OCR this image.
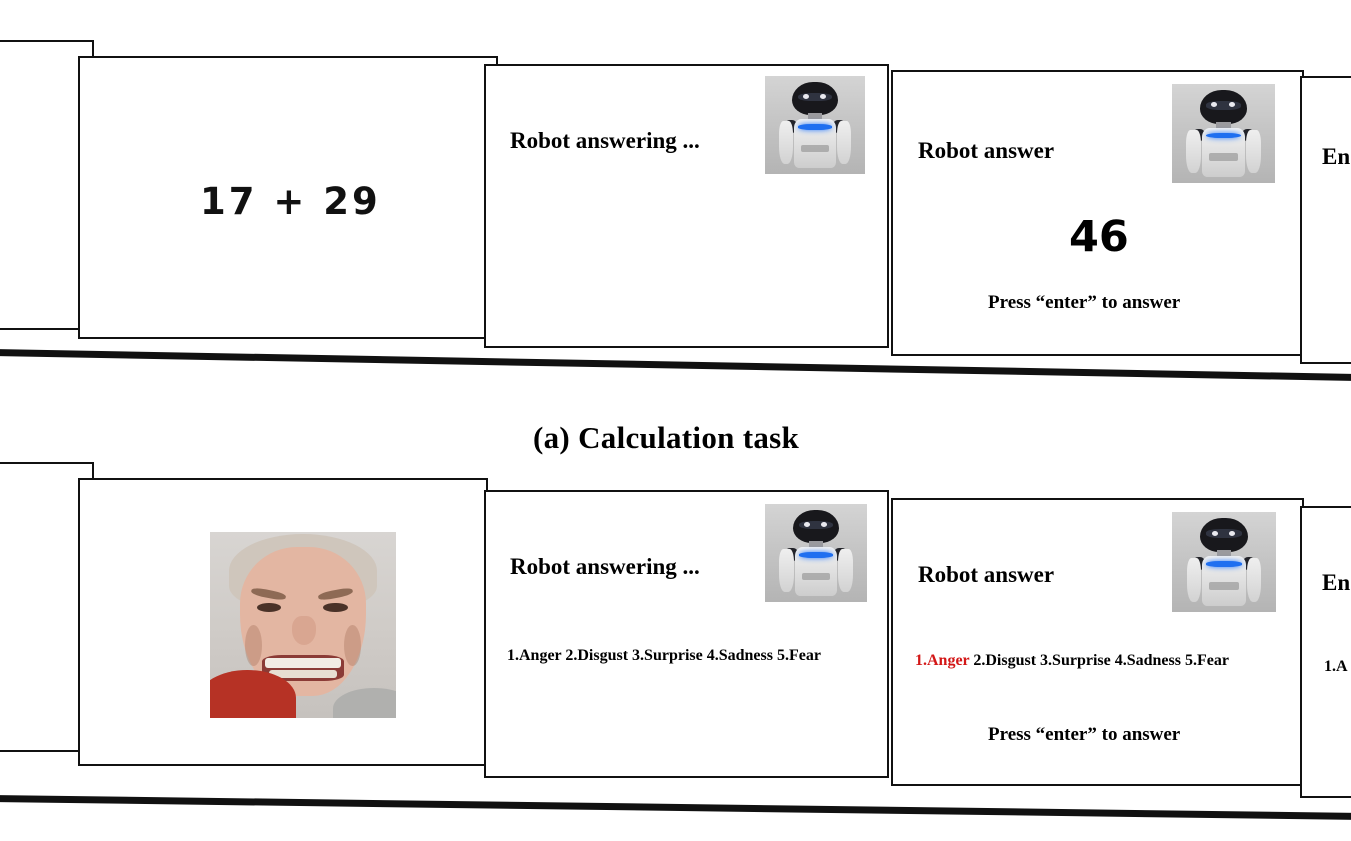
17 + 29
Robot answering ...	Robot answer
46
Press “enter” to answer
En
(a) Calculation task
Robot answering ...
1.Anger 2.Disgust 3.Surprise 4.Sadness 5.Fear
Robot answer
1.Anger 2.Disgust 3.Surprise 4.Sadness 5.Fear
Press “enter” to answer
En
1.A
